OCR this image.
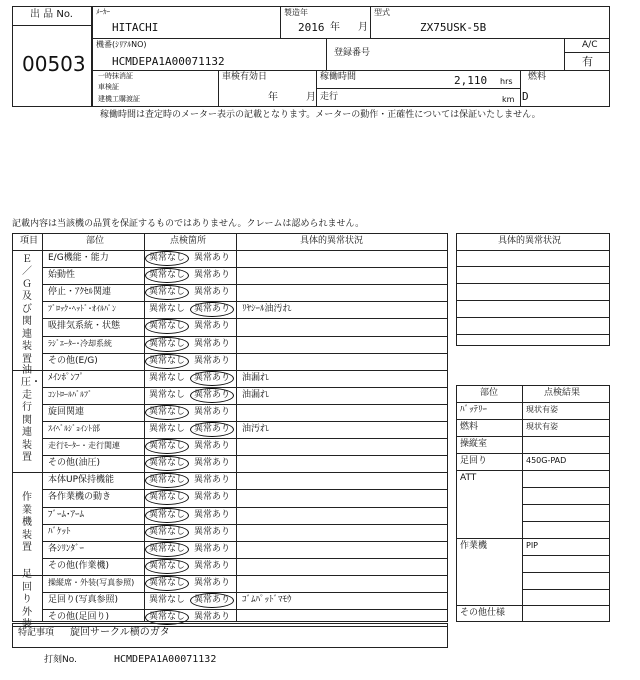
出 品 No.
00503
ﾒｰｶｰ
HITACHI
製造年
2016 年 月
型式
ZX75USK-5B
機番(ｼﾘｱﾙNO)
HCMDEPA1A00071132
登録番号
A/C
有
一時抹消証
車検証
建機工購渡証
車検有効日
年	月
稼働時間	2,110 hrs
走行	km
燃料
D
稼働時間は査定時のメーター表示の記載となります。メーターの動作・正確性については保証いたしません。
記載内容は当該機の品質を保証するものではありません。クレームは認められません。
項目	部位	点検箇所	具体的異常状況
E/G機能・能力	異常なし 異常あり
始動性	異常なし 異常あり
停止・ｱｸｾﾙ関連	異常なし 異常あり
ﾌﾞﾛｯｸ･ﾍｯﾄﾞ･ｵｲﾙﾊﾟﾝ	異常なし 異常あり ﾘﾔｼｰﾙ油汚れ
吸排気系統・状態	異常なし 異常あり
ﾗｼﾞｴｰﾀｰ･冷却系統	異常なし 異常あり
その他(E/G)	異常なし 異常あり
Ｅ／Ｇ及び関連装置
ﾒｲﾝﾎﾟﾝﾌﾟ	異常なし 異常あり 油漏れ
ｺﾝﾄﾛｰﾙﾊﾞﾙﾌﾞ	異常なし 異常あり 油漏れ
旋回関連	異常なし 異常あり
ｽｲﾍﾞﾙｼﾞｮｲﾝﾄ部	異常なし 異常あり 油汚れ
走行ﾓｰﾀｰ・走行関連	異常なし 異常あり
その他(油圧)	異常なし 異常あり
油圧・走行関連装置
本体UP保持機能	異常なし 異常あり
各作業機の動き	異常なし 異常あり
ﾌﾞｰﾑ･ｱｰﾑ	異常なし 異常あり
ﾊﾞｹｯﾄ	異常なし 異常あり
各ｼﾘﾝﾀﾞｰ	異常なし 異常あり
その他(作業機)	異常なし 異常あり
作業機装置
操縦席・外装(写真参照) 異常なし 異常あり
足回り(写真参照)	異常なし 異常あり ｺﾞﾑﾊﾟｯﾄﾞﾏﾓｳ
その他(足回り)	異常なし 異常あり
足回り外装
具体的異常状況
部位	点検結果
ﾊﾞｯﾃﾘｰ	現状有姿
燃料	現状有姿
操縦室
足回り	450G-PAD
ATT
作業機	PIP
その他仕様
特記事項 旋回サークル横のガタ
打刻No.	HCMDEPA1A00071132
